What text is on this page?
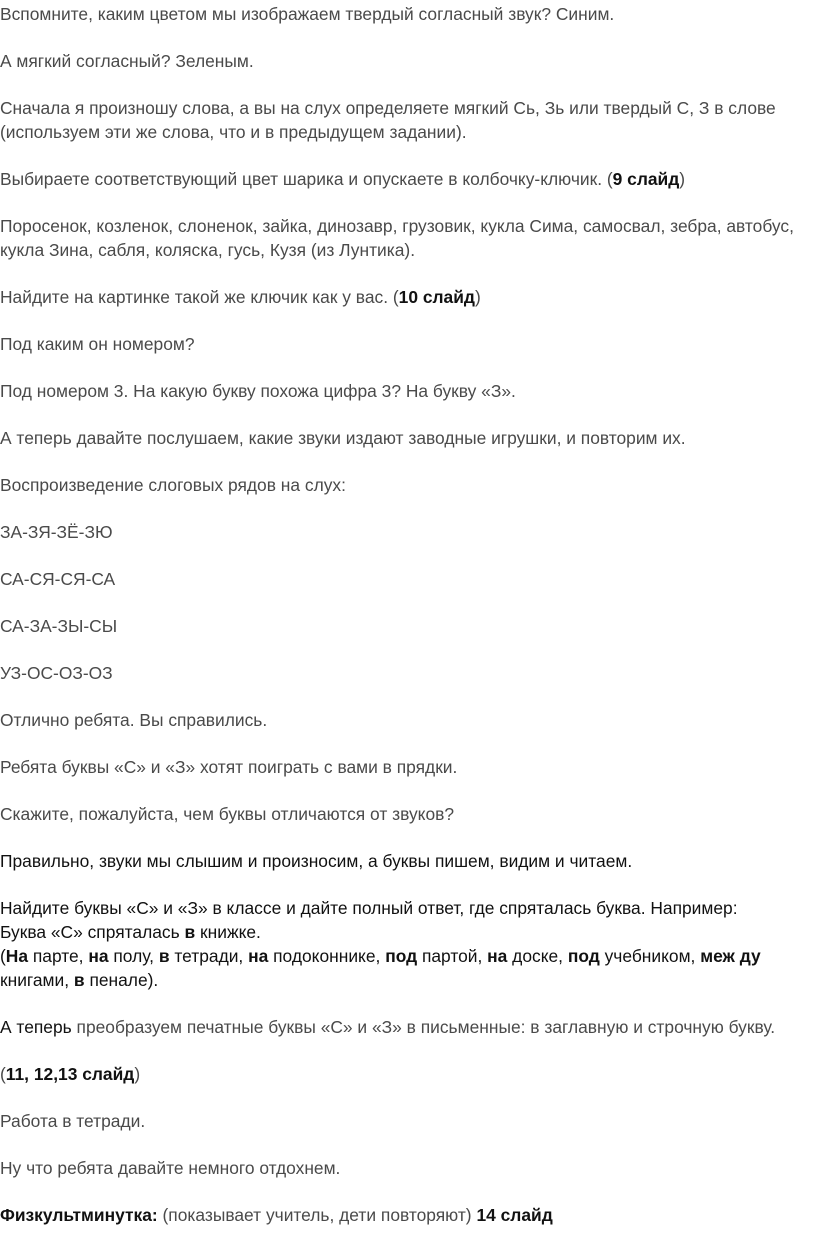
Вспомните, каким цветом мы изображаем твердый согласный звук? Синим.

А мягкий согласный? Зеленым.

Сначала я произношу слова, а вы на слух определяете мягкий Сь, Зь или твердый С, З в слове (используем эти же слова, что и в предыдущем задании).

Выбираете соответствующий цвет шарика и опускаете в колбочку-ключик. (9 слайд)

Поросенок, козленок, слоненок, зайка, динозавр, грузовик, кукла Сима, самосвал, зебра, автобус, кукла Зина, сабля, коляска, гусь, Кузя (из Лунтика).

Найдите на картинке такой же ключик как у вас. (10 слайд)

Под каким он номером?

Под номером 3. На какую букву похожа цифра 3? На букву «З».

А теперь давайте послушаем, какие звуки издают заводные игрушки, и повторим их.

Воспроизведение слоговых рядов на слух:

ЗА-ЗЯ-ЗЁ-ЗЮ

СА-СЯ-СЯ-СА

СА-ЗА-ЗЫ-СЫ

УЗ-ОС-ОЗ-ОЗ

Отлично ребята. Вы справились.

Ребята буквы «С» и «З» хотят поиграть с вами в прядки.

Скажите, пожалуйста, чем буквы отличаются от звуков?

Правильно, звуки мы слышим и произносим, а буквы пишем, видим и читаем.

Найдите буквы «С» и «З» в классе и дайте полный ответ, где спряталась буква. Например:
Буква «С» спряталась в книжке.

(На парте, на полу, в тетради, на подоконнике, под партой, на доске, под учебником, меж ду книгами, в пенале).

А теперь преобразуем печатные буквы «С» и «З» в письменные: в заглавную и строчную букву.

(11, 12,13 слайд)

Работа в тетради.

Ну что ребята давайте немного отдохнем.

Физкультминутка: (показывает учитель, дети повторяют) 14 слайд
